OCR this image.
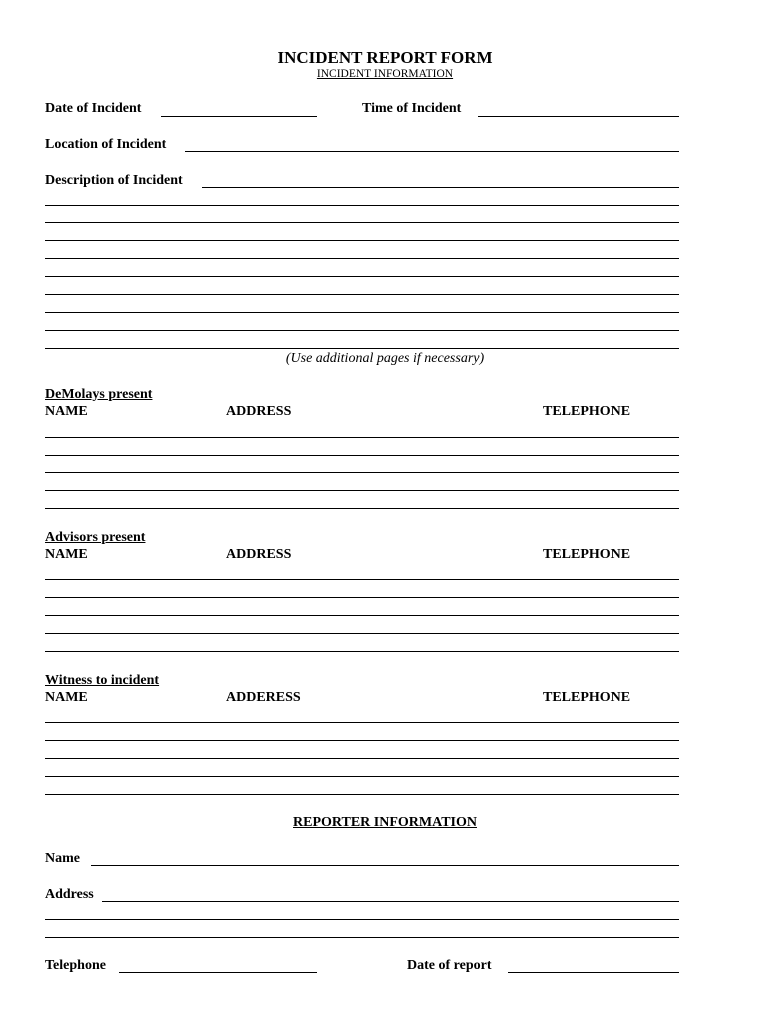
INCIDENT REPORT FORM
INCIDENT INFORMATION
Date of Incident	Time of Incident
Location of Incident
Description of Incident
(Use additional pages if necessary)
DeMolays present
NAME	ADDRESS	TELEPHONE
Advisors present
NAME	ADDRESS	TELEPHONE
Witness to incident
NAME	ADDERESS	TELEPHONE
REPORTER INFORMATION
Name
Address
Telephone	Date of report
